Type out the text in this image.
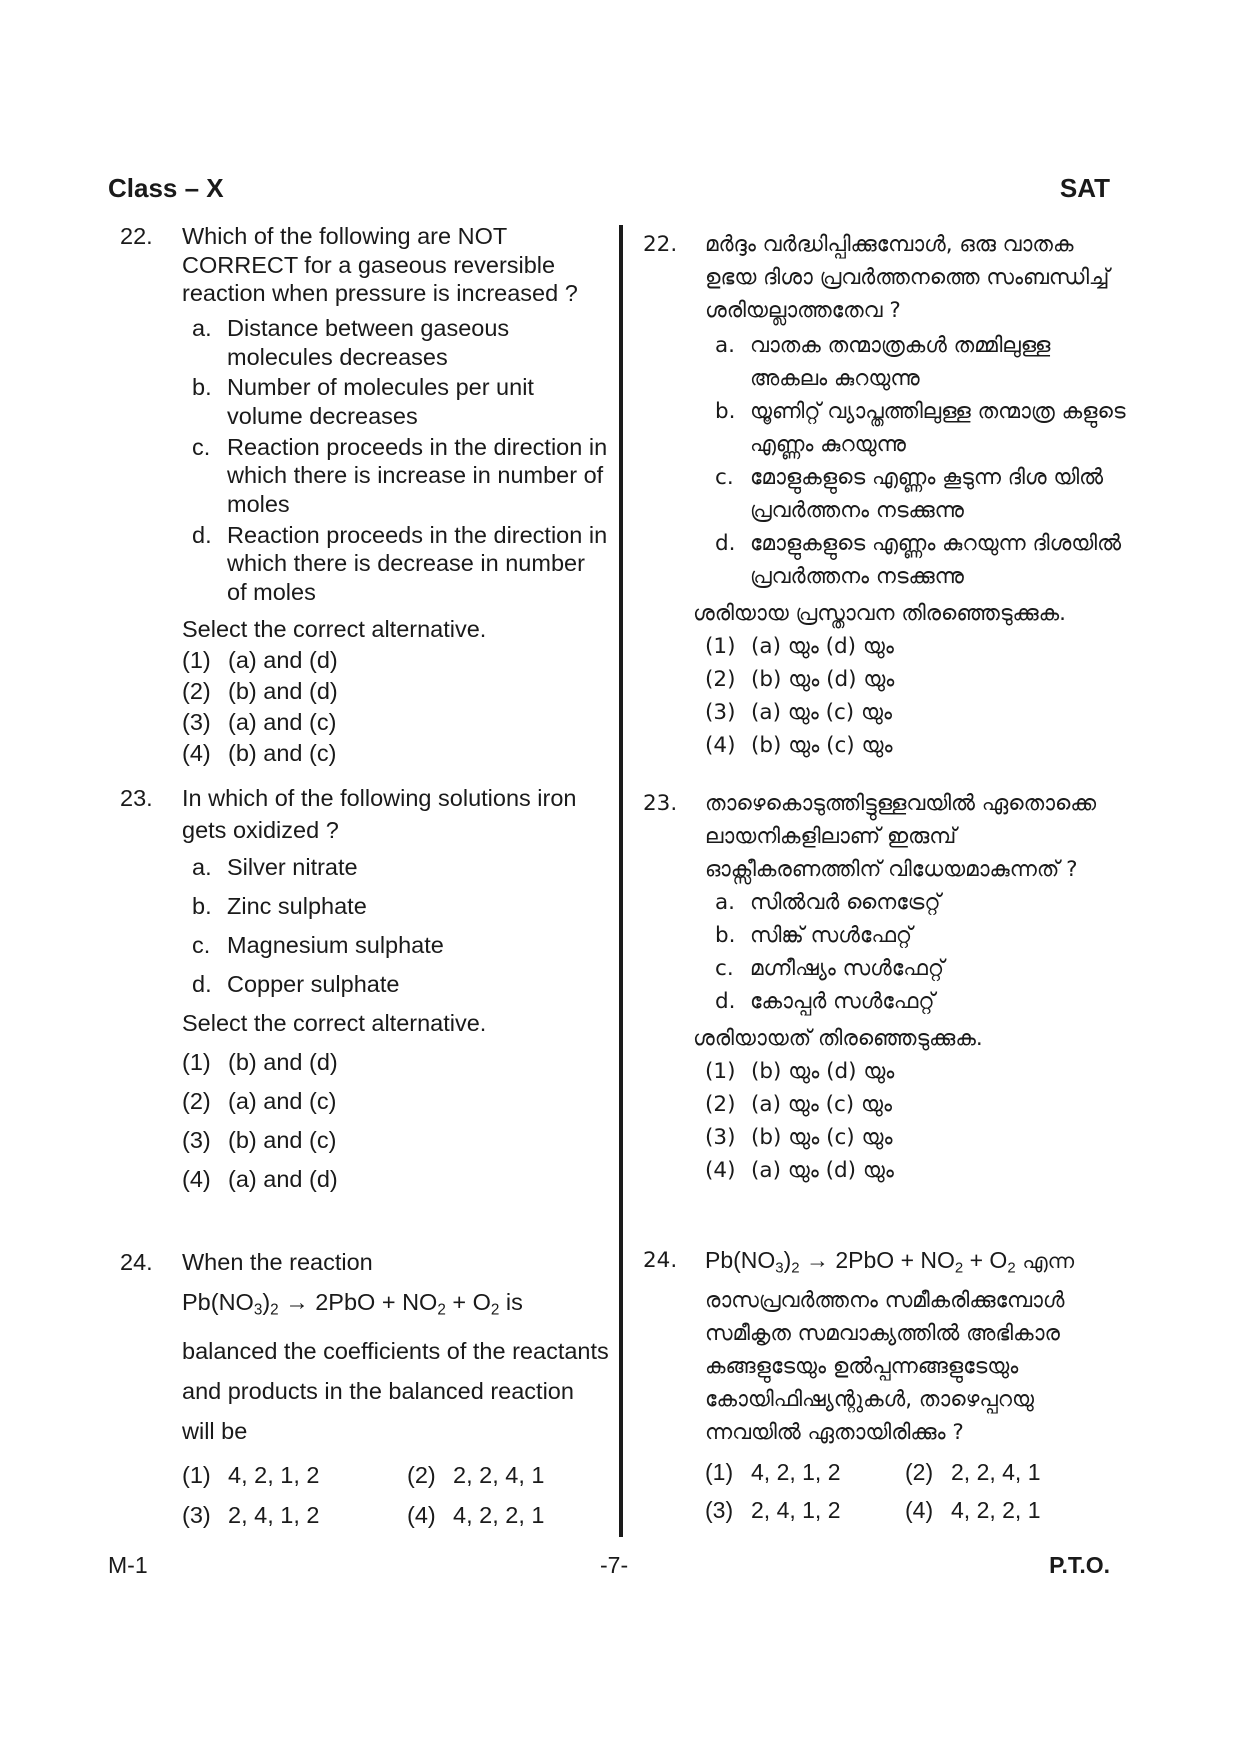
Class – X	SAT
22.	Which of the following are NOT CORRECT for a gaseous reversible reaction when pressure is increased ?
a. Distance between gaseous molecules decreases
b. Number of molecules per unit volume decreases
c. Reaction proceeds in the direction in which there is increase in number of moles
d. Reaction proceeds in the direction in which there is decrease in number of moles
Select the correct alternative.
(1) (a) and (d)
(2) (b) and (d)
(3) (a) and (c)
(4) (b) and (c)
23.	In which of the following solutions iron gets oxidized ?
a. Silver nitrate
b. Zinc sulphate
c. Magnesium sulphate
d. Copper sulphate
Select the correct alternative.
(1) (b) and (d)
(2) (a) and (c)
(3) (b) and (c)
(4) (a) and (d)
24.	When the reaction
$Pb(NO_3)_2 \to 2PbO + NO_2 + O_2$ is
balanced the coefficients of the reactants and products in the balanced reaction will be
(1) 4, 2, 1, 2	(2) 2, 2, 4, 1
(3) 2, 4, 1, 2	(4) 4, 2, 2, 1
22.	മർദ്ദം വർദ്ധിപ്പിക്കുമ്പോൾ, ഒരു വാതക ഉഭയ ദിശാ പ്രവർത്തനത്തെ സംബന്ധിച്ച് ശരിയല്ലാത്തതേവ ?
a. വാതക തന്മാത്രകൾ തമ്മിലുള്ള അകലം കുറയുന്നു
b. യൂണിറ്റ് വ്യാപ്തത്തിലുള്ള തന്മാത്ര കളുടെ എണ്ണം കുറയുന്നു
c. മോളുകളുടെ എണ്ണം കൂടുന്ന ദിശ യിൽ പ്രവർത്തനം നടക്കുന്നു
d. മോളുകളുടെ എണ്ണം കുറയുന്ന ദിശയിൽ പ്രവർത്തനം നടക്കുന്നു
ശരിയായ പ്രസ്താവന തിരഞ്ഞെടുക്കുക.
(1) (a) യും (d) യും
(2) (b) യും (d) യും
(3) (a) യും (c) യും
(4) (b) യും (c) യും
23.	താഴെകൊടുത്തിട്ടുള്ളവയിൽ ഏതൊക്കെ ലായനികളിലാണ് ഇരുമ്പ് ഓക്സീകരണത്തിന് വിധേയമാകുന്നത് ?
a. സിൽവർ നൈട്രേറ്റ്
b. സിങ്ക് സൾഫേറ്റ്
c. മഗ്നീഷ്യം സൾഫേറ്റ്
d. കോപ്പർ സൾഫേറ്റ്
ശരിയായത് തിരഞ്ഞെടുക്കുക.
(1) (b) യും (d) യും
(2) (a) യും (c) യും
(3) (b) യും (c) യും
(4) (a) യും (d) യും
24.	$Pb(NO_3)_2 \to 2PbO + NO_2 + O_2$ എന്ന
രാസപ്രവർത്തനം സമീകരിക്കുമ്പോൾ സമീകൃത സമവാക്യത്തിൽ അഭികാര കങ്ങളുടേയും ഉൽപ്പന്നങ്ങളുടേയും കോയിഫിഷ്യന്റുകൾ, താഴെപ്പറയു ന്നവയിൽ ഏതായിരിക്കും ?
(1) 4, 2, 1, 2	(2) 2, 2, 4, 1
(3) 2, 4, 1, 2	(4) 4, 2, 2, 1
M-1	-7-	P.T.O.
